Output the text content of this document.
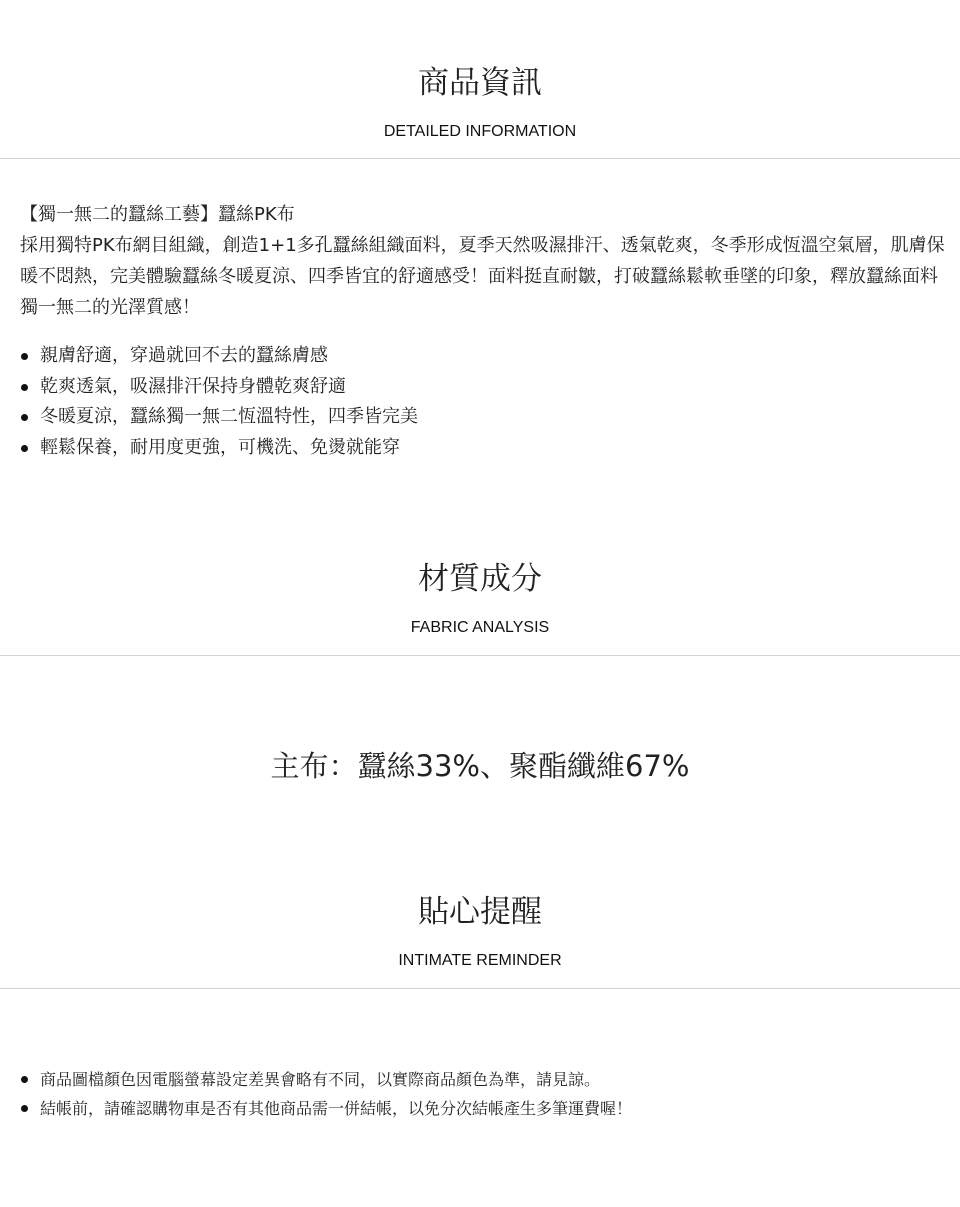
商品資訊
DETAILED INFORMATION

【獨一無二的蠶絲工藝】蠶絲PK布

採用獨特PK布網目組織，創造1+1多孔蠶絲組織面料，夏季天然吸濕排汗、透氣乾爽，冬季形成恆溫空氣層，肌膚保暖不悶熱，完美體驗蠶絲冬暖夏涼、四季皆宜的舒適感受！面料挺直耐皺，打破蠶絲鬆軟垂墜的印象，釋放蠶絲面料獨一無二的光澤質感！

親膚舒適，穿過就回不去的蠶絲膚感
乾爽透氣，吸濕排汗保持身體乾爽舒適
冬暖夏涼，蠶絲獨一無二恆溫特性，四季皆完美
輕鬆保養，耐用度更強，可機洗、免燙就能穿
材質成分
FABRIC ANALYSIS
主布：蠶絲33%、聚酯纖維67%
貼心提醒
INTIMATE REMINDER
商品圖檔顏色因電腦螢幕設定差異會略有不同，以實際商品顏色為準，請見諒。
結帳前，請確認購物車是否有其他商品需一併結帳，以免分次結帳產生多筆運費喔！
